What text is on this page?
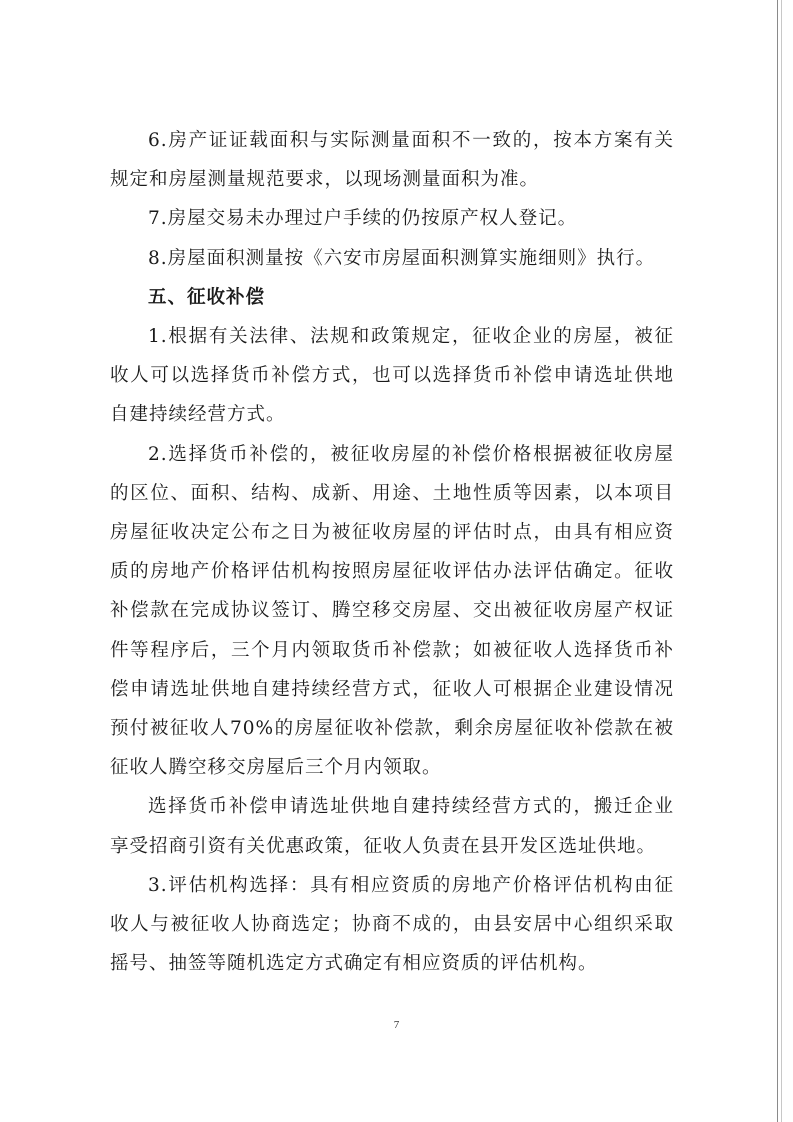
6.房产证证载面积与实际测量面积不一致的，按本方案有关规定和房屋测量规范要求，以现场测量面积为准。

7.房屋交易未办理过户手续的仍按原产权人登记。

8.房屋面积测量按《六安市房屋面积测算实施细则》执行。

五、征收补偿

1.根据有关法律、法规和政策规定，征收企业的房屋，被征收人可以选择货币补偿方式，也可以选择货币补偿申请选址供地自建持续经营方式。

2.选择货币补偿的，被征收房屋的补偿价格根据被征收房屋的区位、面积、结构、成新、用途、土地性质等因素，以本项目房屋征收决定公布之日为被征收房屋的评估时点，由具有相应资质的房地产价格评估机构按照房屋征收评估办法评估确定。征收补偿款在完成协议签订、腾空移交房屋、交出被征收房屋产权证件等程序后，三个月内领取货币补偿款；如被征收人选择货币补偿申请选址供地自建持续经营方式，征收人可根据企业建设情况预付被征收人70%的房屋征收补偿款，剩余房屋征收补偿款在被征收人腾空移交房屋后三个月内领取。

选择货币补偿申请选址供地自建持续经营方式的，搬迁企业享受招商引资有关优惠政策，征收人负责在县开发区选址供地。

3.评估机构选择：具有相应资质的房地产价格评估机构由征收人与被征收人协商选定；协商不成的，由县安居中心组织采取摇号、抽签等随机选定方式确定有相应资质的评估机构。

7
